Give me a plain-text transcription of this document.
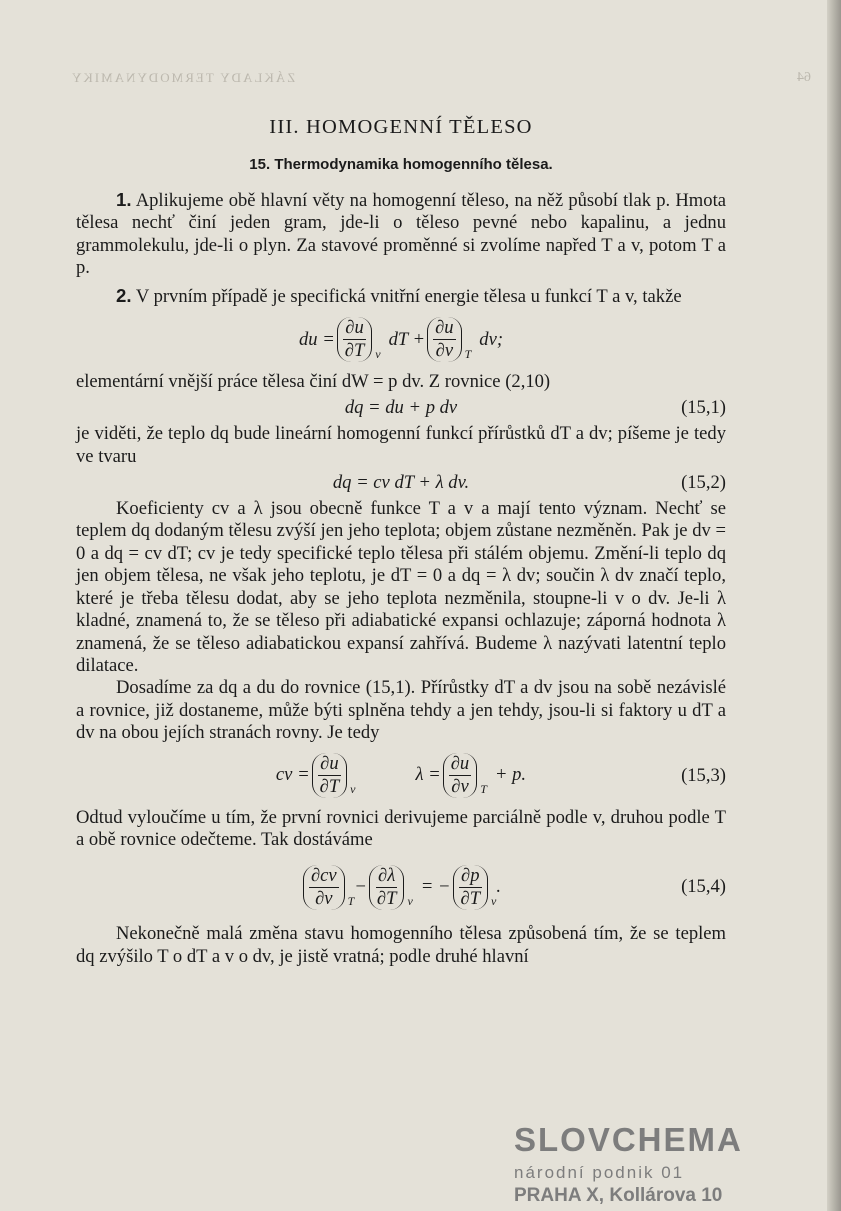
ZÁKLADY TERMODYNAMIKY	64
III. HOMOGENNÍ TĚLESO
15. Thermodynamika homogenního tělesa.

1. Aplikujeme obě hlavní věty na homogenní těleso, na něž působí tlak p. Hmota tělesa nechť činí jeden gram, jde-li o těleso pevné nebo kapalinu, a jednu grammolekulu, jde-li o plyn. Za stavové proměnné si zvolíme napřed T a v, potom T a p.

2. V prvním případě je specifická vnitřní energie tělesa u funkcí T a v, takže

du = $\frac{\partial u}{\partial T}$ v
dT + $\frac{\partial u}{\partial v}$ T
dv;

elementární vnější práce tělesa činí dW = p dv. Z rovnice (2,10)

dq = du + p dv	(15,1)

je viděti, že teplo dq bude lineární homogenní funkcí přírůstků dT a dv; píšeme je tedy ve tvaru

dq = cv dT + λ dv.	(15,2)

Koeficienty cv a λ jsou obecně funkce T a v a mají tento význam. Nechť se teplem dq dodaným tělesu zvýší jen jeho teplota; objem zůstane nezměněn. Pak je dv = 0 a dq = cv dT; cv je tedy specifické teplo tělesa při stálém objemu. Změní-li teplo dq jen objem tělesa, ne však jeho teplotu, je dT = 0 a dq = λ dv; součin λ dv značí teplo, které je třeba tělesu dodat, aby se jeho teplota nezměnila, stoupne-li v o dv. Je-li λ kladné, znamená to, že se těleso při adiabatické expansi ochlazuje; záporná hodnota λ znamená, že se těleso adiabatickou expansí zahřívá. Budeme λ nazývati latentní teplo dilatace.

Dosadíme za dq a du do rovnice (15,1). Přírůstky dT a dv jsou na sobě nezávislé a rovnice, již dostaneme, může býti splněna tehdy a jen tehdy, jsou-li si faktory u dT a dv na obou jejích stranách rovny. Je tedy

cv = $\frac{\partial u}{\partial T}$ v
$\lambda = \frac{\partial u}{\partial v}$ T
+ p.	(15,3)

Odtud vyloučíme u tím, že první rovnici derivujeme parciálně podle v, druhou podle T a obě rovnice odečteme. Tak dostáváme

$\frac{\partial cv}{\partial v}$ T
− $\frac{\partial\lambda}{\partial T}$ v
= − $\frac{\partial p}{\partial T}$ v
.	(15,4)

Nekonečně malá změna stavu homogenního tělesa způsobená tím, že se teplem dq zvýšilo T o dT a v o dv, je jistě vratná; podle druhé hlavní

SLOVCHEMA
národní podnik 01
PRAHA X, Kollárova 10
